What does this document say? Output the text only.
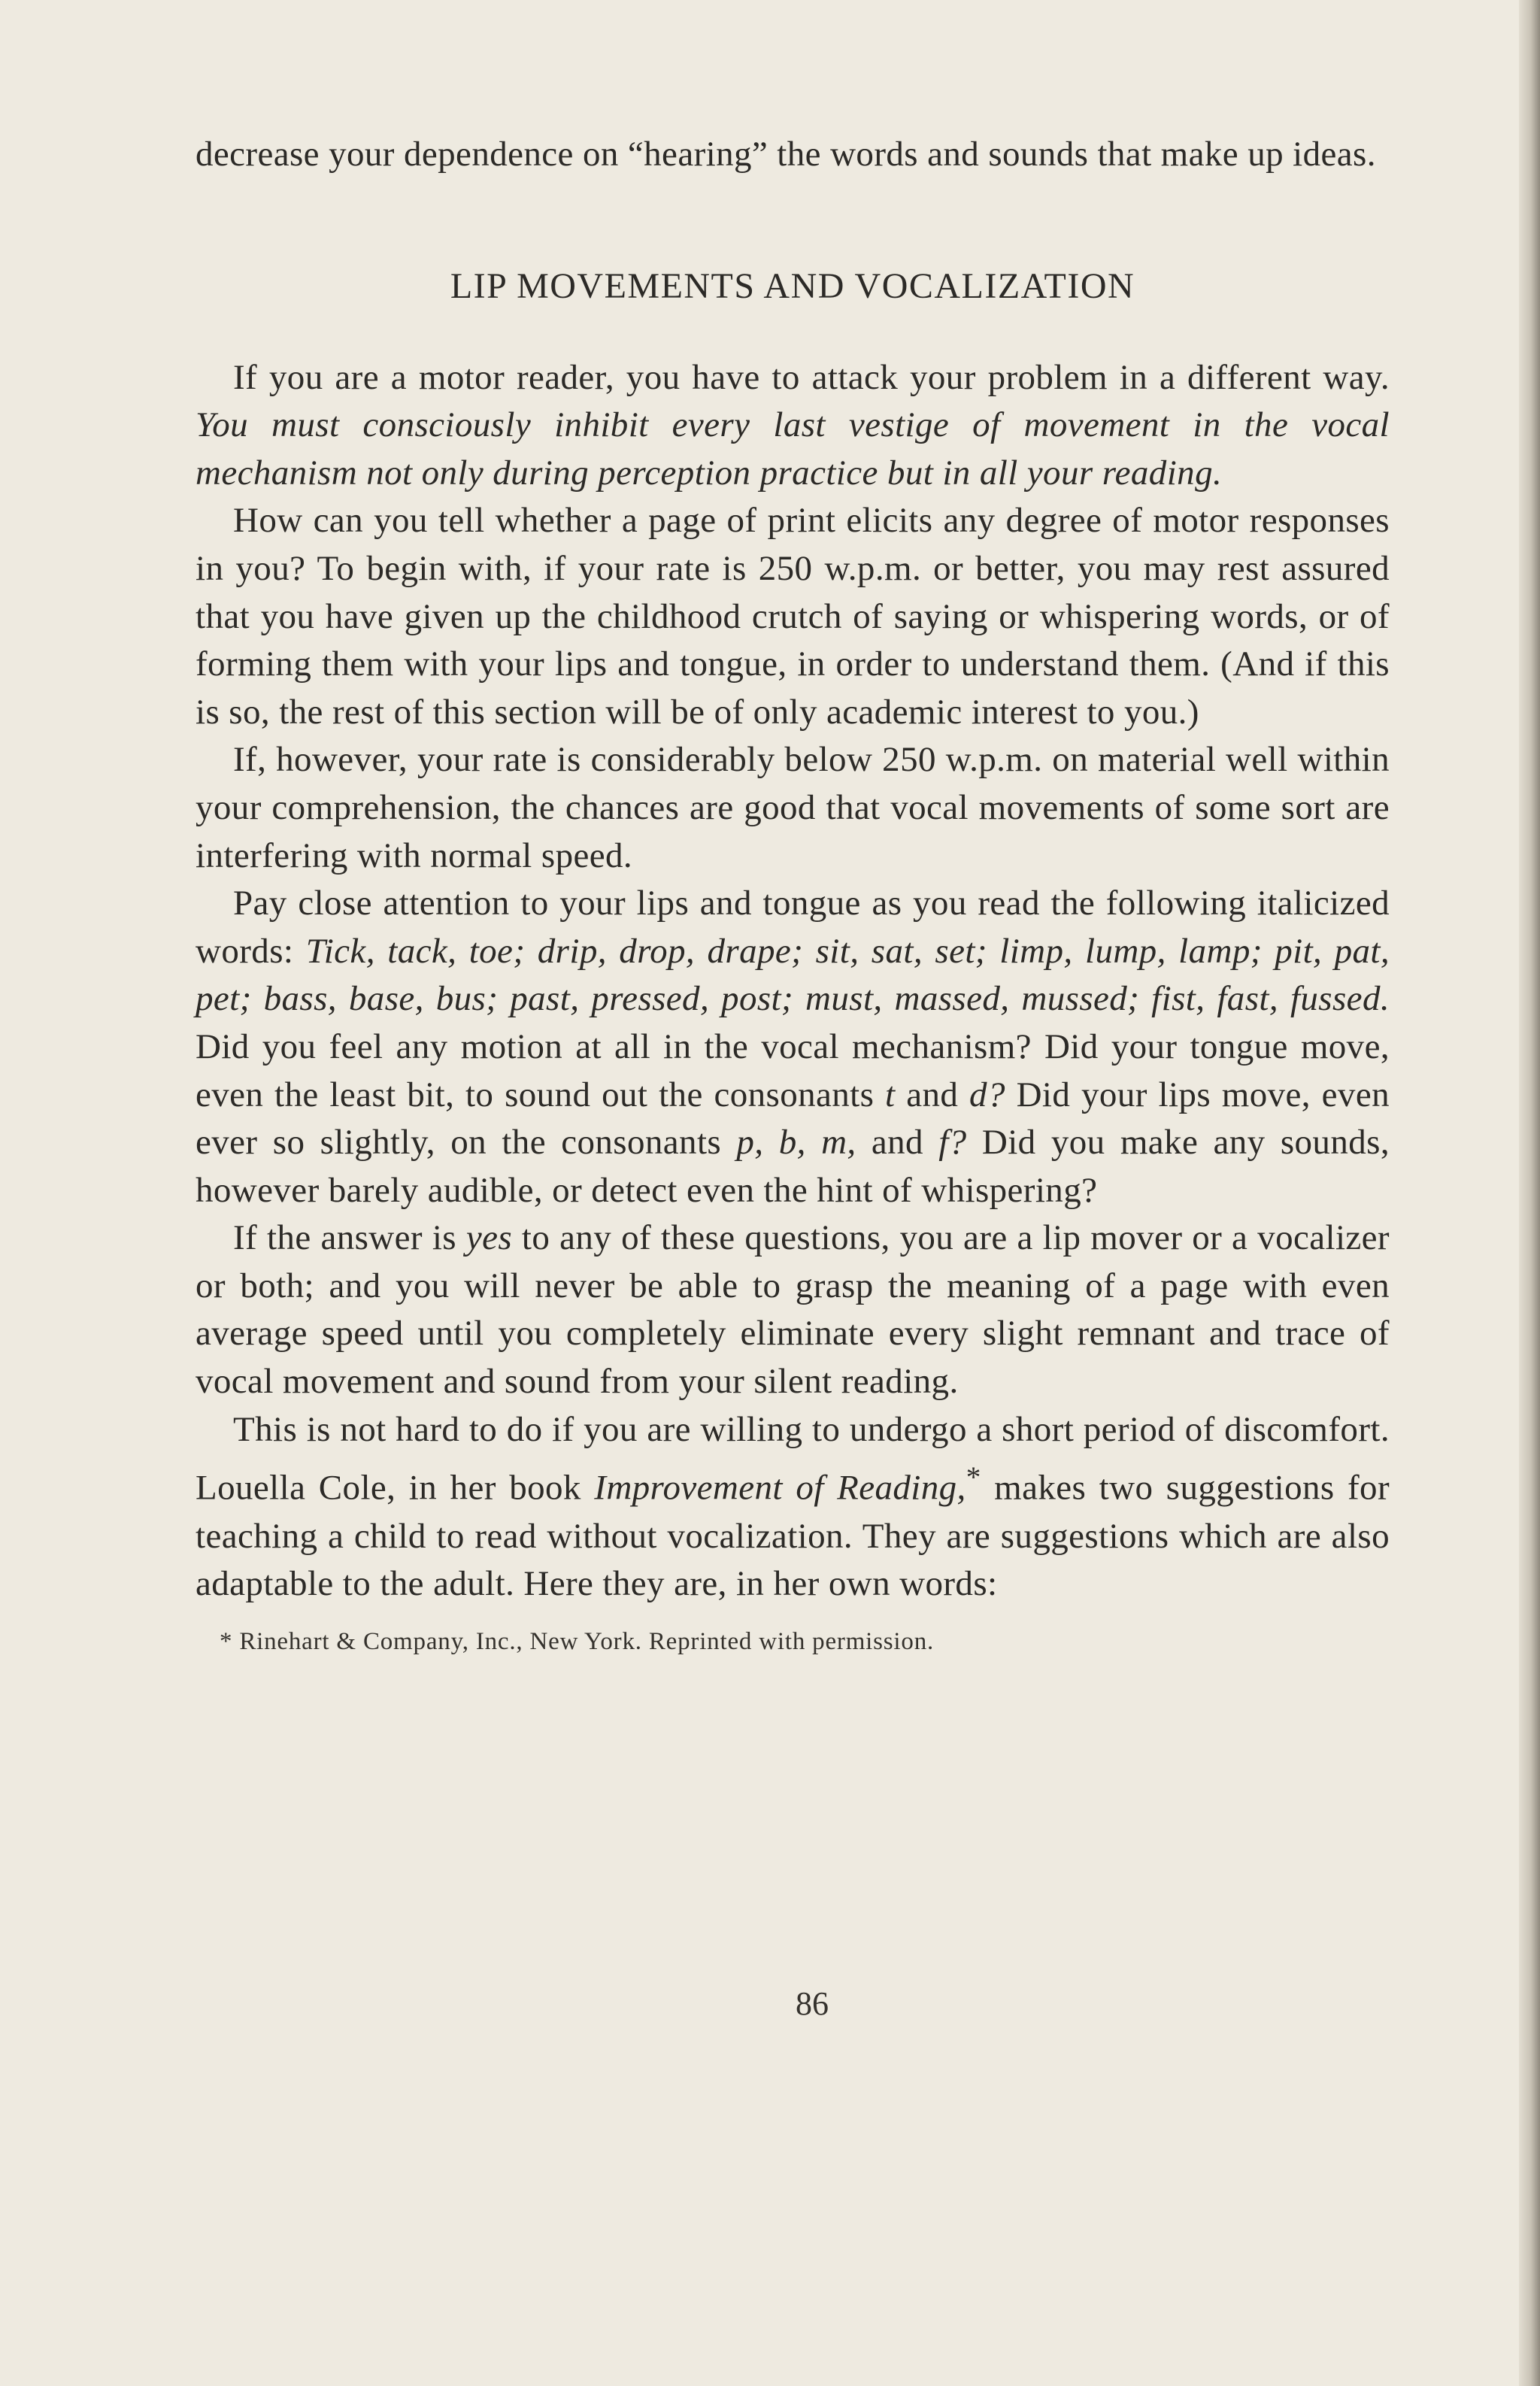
decrease your dependence on “hearing” the words and sounds that make up ideas.

LIP MOVEMENTS AND VOCALIZATION

If you are a motor reader, you have to attack your problem in a different way. You must consciously inhibit every last vestige of movement in the vocal mechanism not only during perception practice but in all your reading.

How can you tell whether a page of print elicits any degree of motor responses in you? To begin with, if your rate is 250 w.p.m. or better, you may rest assured that you have given up the childhood crutch of saying or whispering words, or of forming them with your lips and tongue, in order to understand them. (And if this is so, the rest of this section will be of only academic interest to you.)

If, however, your rate is considerably below 250 w.p.m. on material well within your comprehension, the chances are good that vocal movements of some sort are interfering with normal speed.

Pay close attention to your lips and tongue as you read the following italicized words: Tick, tack, toe; drip, drop, drape; sit, sat, set; limp, lump, lamp; pit, pat, pet; bass, base, bus; past, pressed, post; must, massed, mussed; fist, fast, fussed. Did you feel any motion at all in the vocal mechanism? Did your tongue move, even the least bit, to sound out the consonants t and d? Did your lips move, even ever so slightly, on the consonants p, b, m, and f? Did you make any sounds, however barely audible, or detect even the hint of whispering?

If the answer is yes to any of these questions, you are a lip mover or a vocalizer or both; and you will never be able to grasp the meaning of a page with even average speed until you completely eliminate every slight remnant and trace of vocal movement and sound from your silent reading.

This is not hard to do if you are willing to undergo a short period of discomfort. Louella Cole, in her book Improvement of Reading,* makes two suggestions for teaching a child to read without vocalization. They are suggestions which are also adaptable to the adult. Here they are, in her own words:

* Rinehart & Company, Inc., New York. Reprinted with permission.
86
